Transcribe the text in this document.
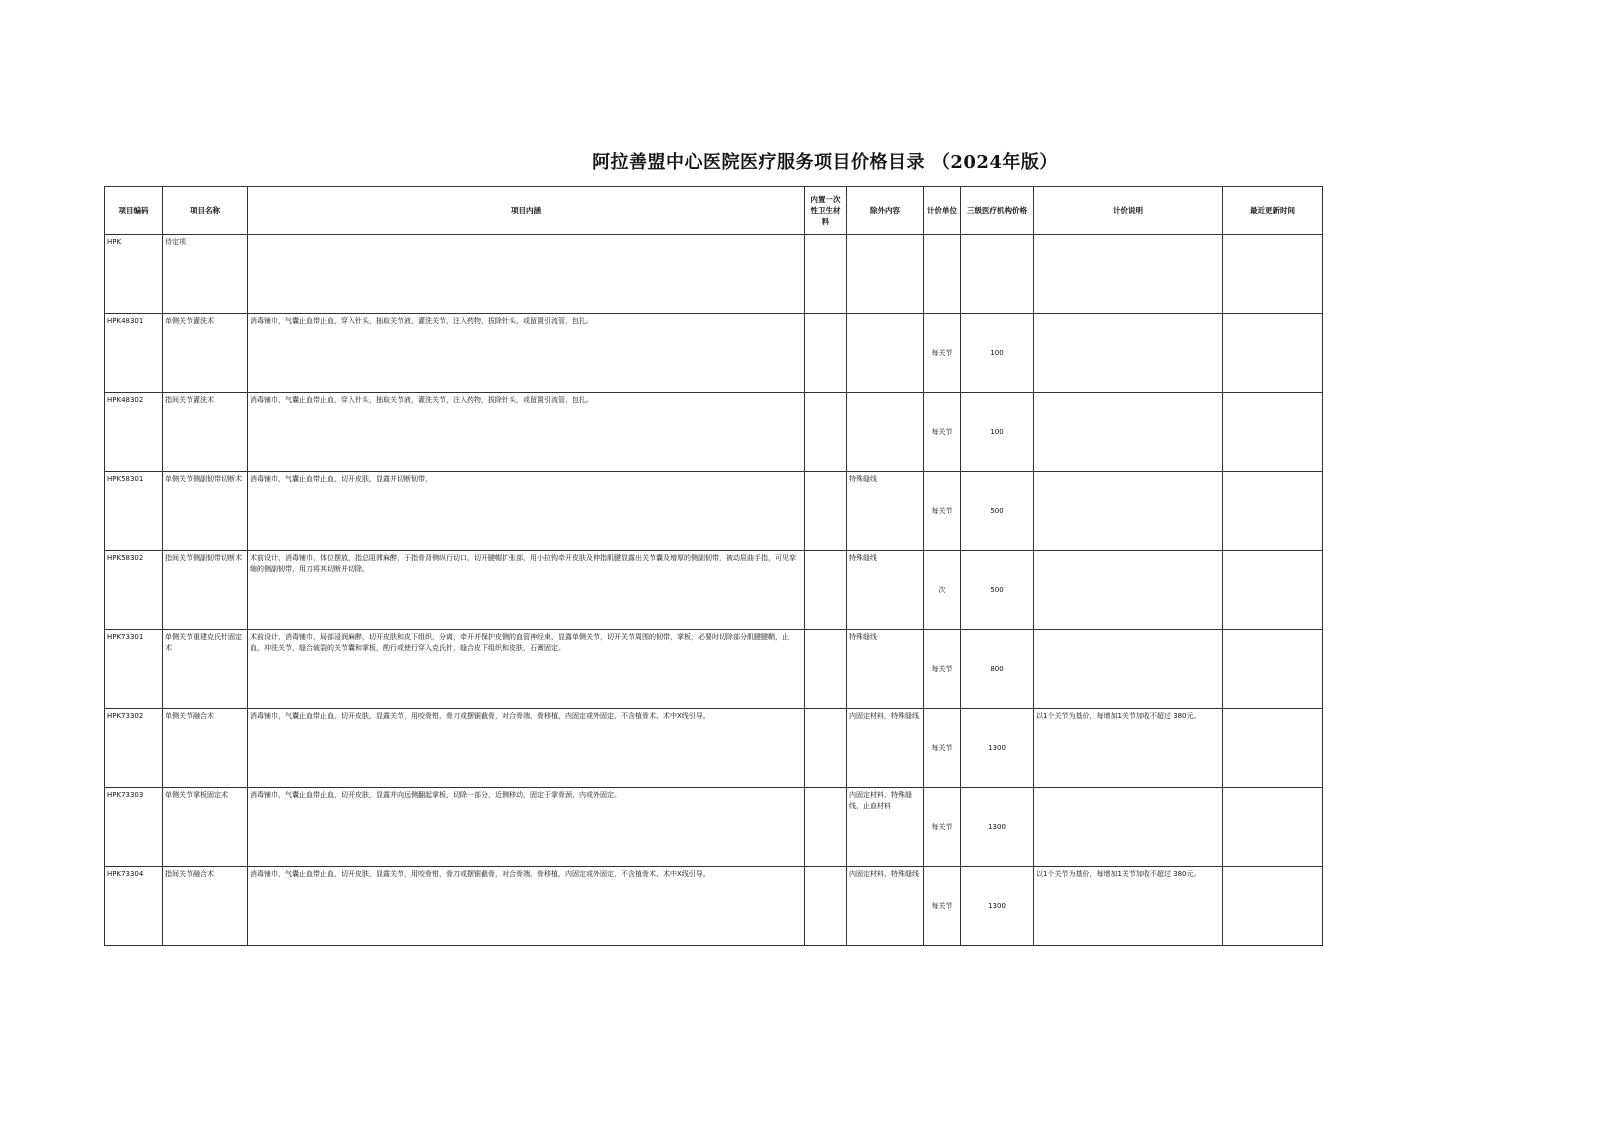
阿拉善盟中心医院医疗服务项目价格目录 （2024年版）
项目编码	项目名称	项目内涵	内置一次性卫生材料	除外内容	计价单位	三级医疗机构价格	计价说明	最近更新时间
HPK	待定项							
HPK48301	单侧关节灌洗术	消毒铺巾，气囊止血带止血，穿入针头，抽取关节液，灌洗关节，注入药物，拔除针头，或留置引流管，包扎。			每关节	100		
HPK48302	指间关节灌洗术	消毒铺巾，气囊止血带止血，穿入针头，抽取关节液，灌洗关节，注入药物，拔除针头，或留置引流管，包扎。			每关节	100		
HPK58301	单侧关节侧副韧带切断术	消毒铺巾，气囊止血带止血，切开皮肤，显露并切断韧带，		特殊缝线	每关节	500		
HPK58302	指间关节侧副韧带切断术	术前设计，消毒铺巾，体位摆放，指总阻滞麻醉，于指骨背侧纵行切口，切开腱帽扩张部，用小拉钩牵开皮肤及伸指肌腱显露出关节囊及增厚的侧副韧带，被动屈曲手指，可见挛缩的侧副韧带，用刀将其切断并切除。		特殊缝线	次	500		
HPK73301	单侧关节重建克氏针固定术	术前设计，消毒铺巾，局部浸润麻醉，切开皮肤和皮下组织，分离，牵开并保护皮侧的血管神经束，显露单侧关节，切开关节周围的韧带，掌板，必要时切除部分肌腱腱鞘，止血，冲洗关节，缝合破裂的关节囊和掌板，酌行或使行穿入克氏针，缝合皮下组织和皮肤，石膏固定。		特殊缝线	每关节	800		
HPK73302	单侧关节融合术	消毒铺巾，气囊止血带止血，切开皮肤，显露关节，用咬骨钳，骨刀或摆锯截骨，对合骨端，骨移植，内固定或外固定，不含植骨术、术中X线引导。		内固定材料，特殊缝线	每关节	1300	以1个关节为基价，每增加1关节加收不超过 380元。	
HPK73303	单侧关节掌板固定术	消毒铺巾，气囊止血带止血，切开皮肤，显露并向远侧翻起掌板，切除一部分，近侧移动，固定于掌骨颈，内或外固定。		内固定材料，特殊缝线，止血材料	每关节	1300		
HPK73304	指间关节融合术	消毒铺巾，气囊止血带止血，切开皮肤，显露关节，用咬骨钳，骨刀或摆锯截骨，对合骨端，骨移植，内固定或外固定，不含植骨术、术中X线引导。		内固定材料，特殊缝线	每关节	1300	以1个关节为基价，每增加1关节加收不超过 380元。	
